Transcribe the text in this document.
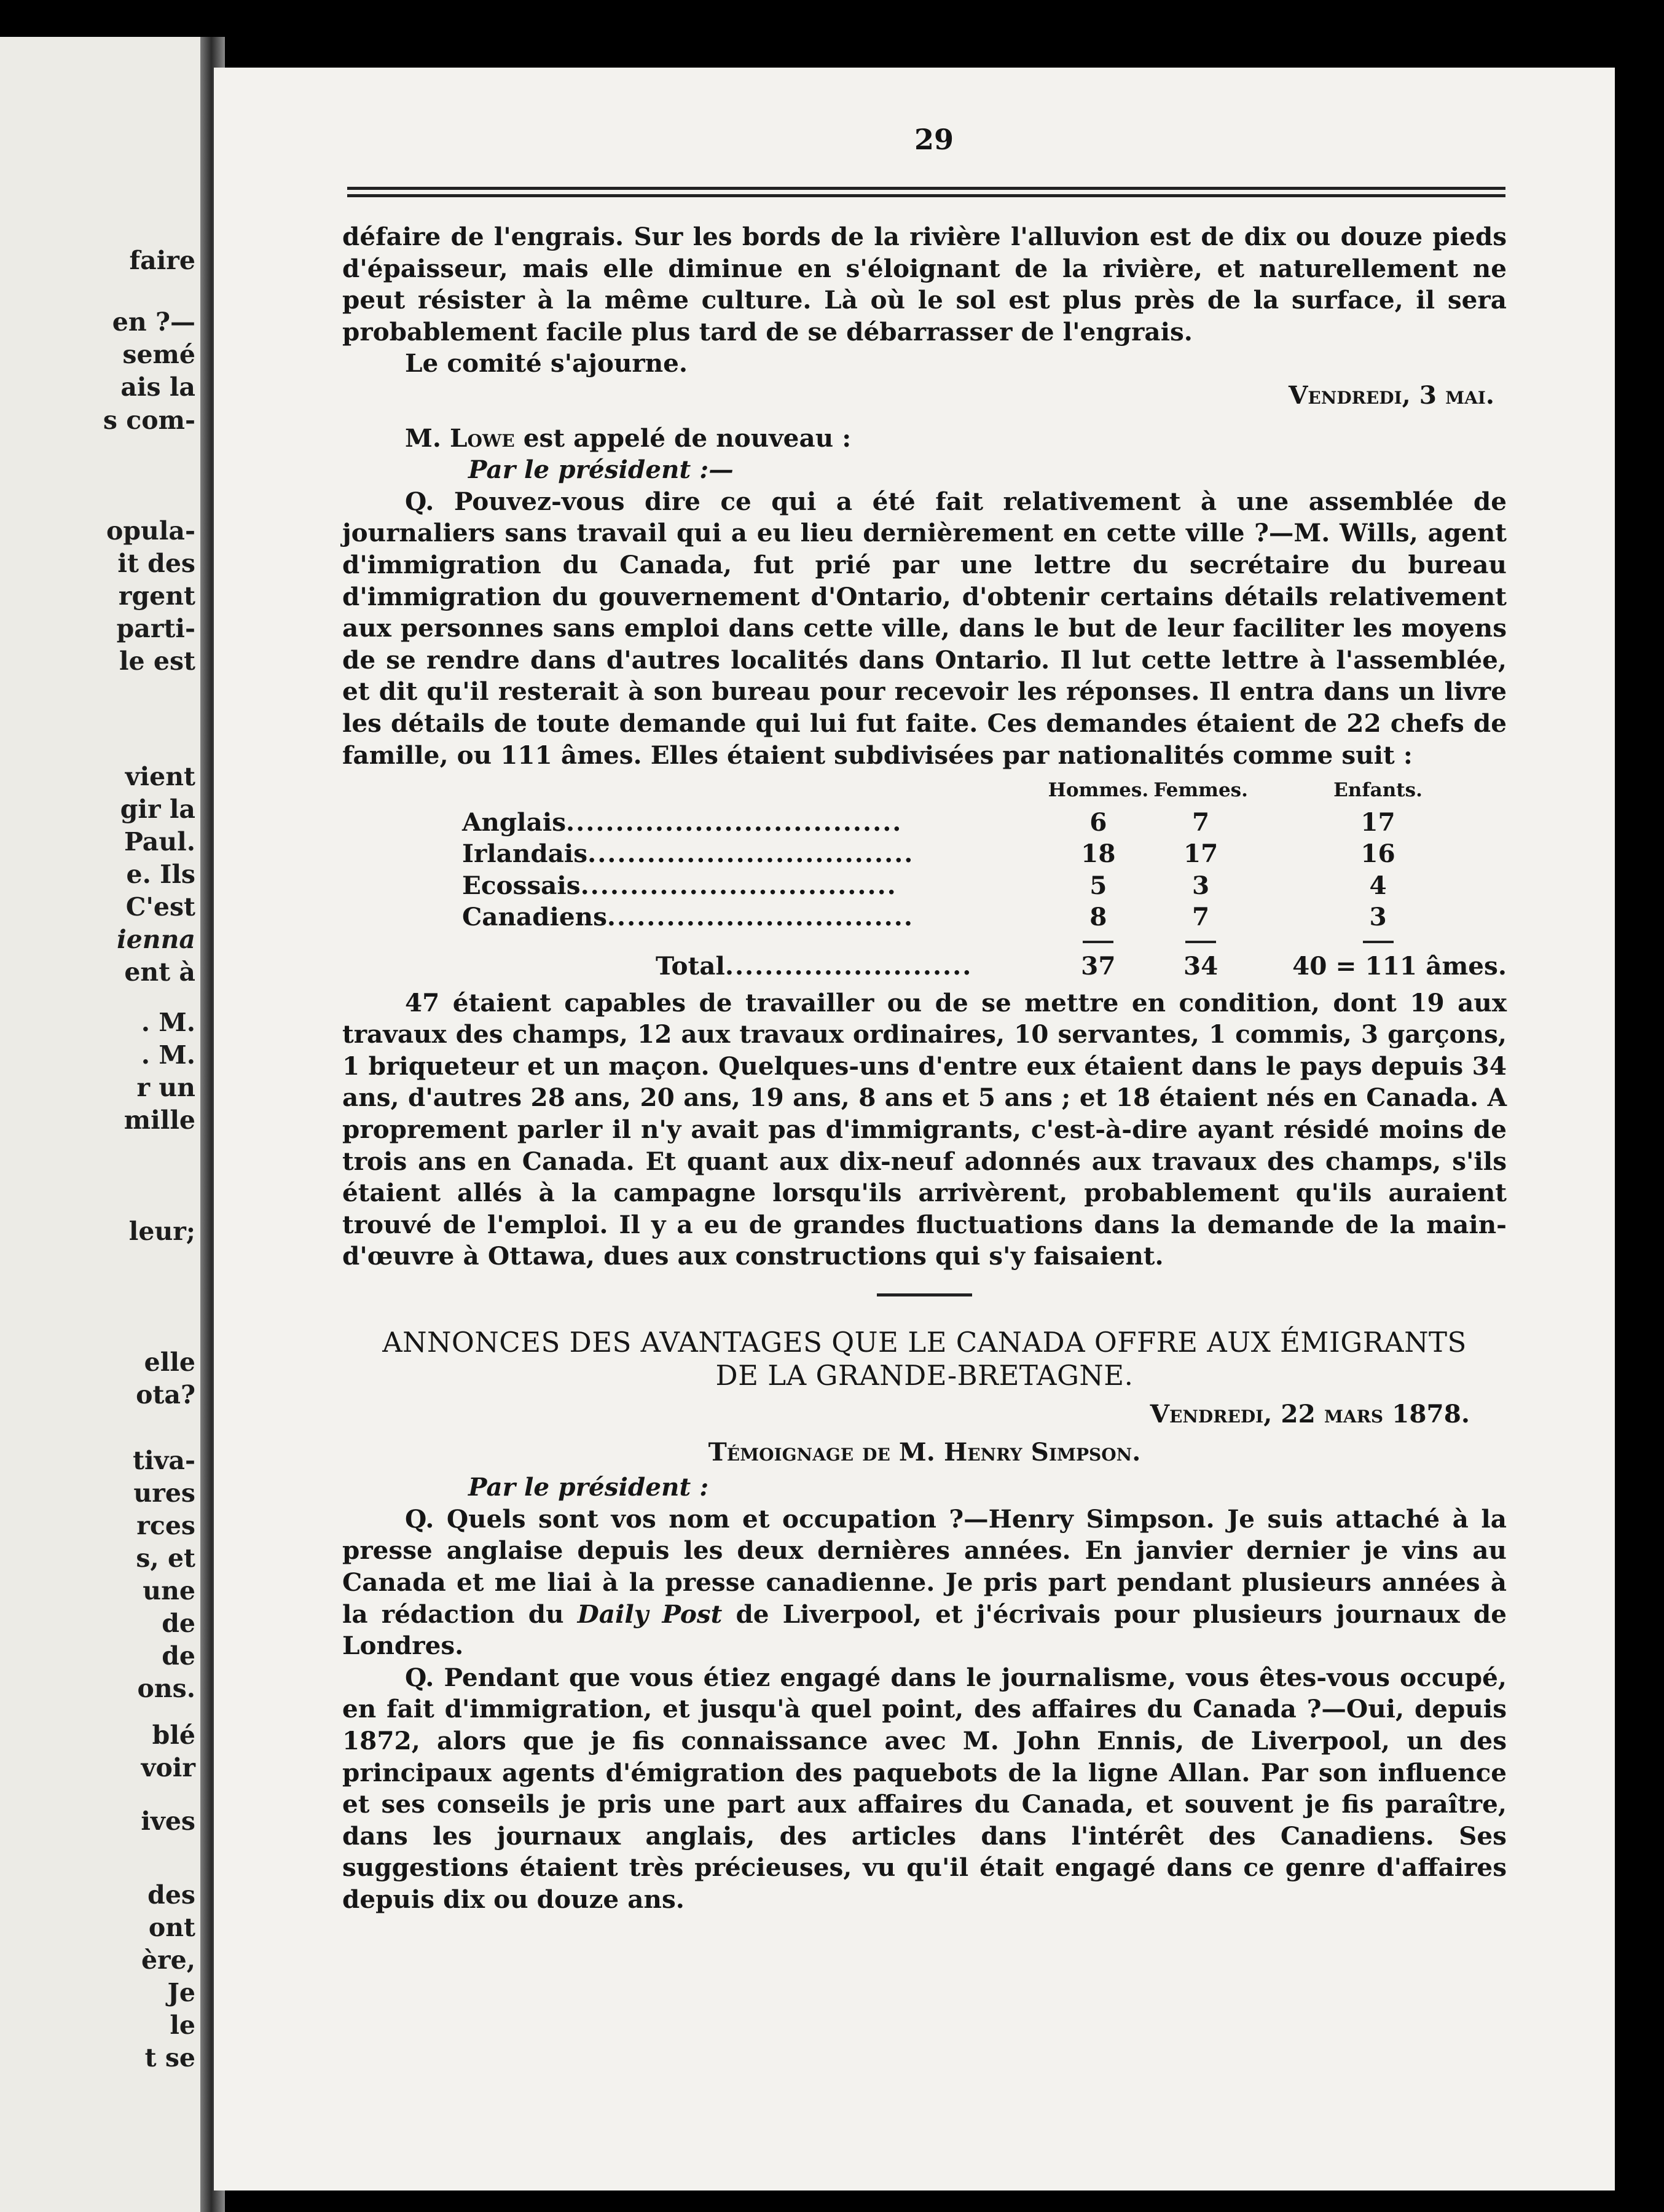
faire
en ?—
semé
ais la
s com-
opula-
it des
rgent
parti-
le est
vient
gir la
Paul.
e. Ils
C'est
ienna
ent à
. M.
. M.
r un
mille
leur;
elle
ota?
tiva-
ures
rces
s, et
une
de
de
ons.
blé
voir
ives
des
ont
ère,
Je
le
t se
29

défaire de l'engrais. Sur les bords de la rivière l'alluvion est de dix ou douze pieds d'épaisseur, mais elle diminue en s'éloignant de la rivière, et naturellement ne peut résister à la même culture. Là où le sol est plus près de la surface, il sera probablement facile plus tard de se débarrasser de l'engrais.

Le comité s'ajourne.

Vendredi, 3 mai.

M. Lowe est appelé de nouveau :

Par le président :—

Q. Pouvez-vous dire ce qui a été fait relativement à une assemblée de journaliers sans travail qui a eu lieu dernièrement en cette ville ?—M. Wills, agent d'immigration du Canada, fut prié par une lettre du secrétaire du bureau d'immigration du gouvernement d'Ontario, d'obtenir certains détails relativement aux personnes sans emploi dans cette ville, dans le but de leur faciliter les moyens de se rendre dans d'autres localités dans Ontario. Il lut cette lettre à l'assemblée, et dit qu'il resterait à son bureau pour recevoir les réponses. Il entra dans un livre les détails de toute demande qui lui fut faite. Ces demandes étaient de 22 chefs de famille, ou 111 âmes. Elles étaient subdivisées par nationalités comme suit :

	Hommes.	Femmes.	Enfants.
Anglais..................................	6	7	17
Irlandais.................................	18	17	16
Ecossais................................	5	3	4
Canadiens...............................	8	7	3

Total.........................	37	34	40 = 111 âmes.

47 étaient capables de travailler ou de se mettre en condition, dont 19 aux travaux des champs, 12 aux travaux ordinaires, 10 servantes, 1 commis, 3 garçons, 1 briqueteur et un maçon. Quelques-uns d'entre eux étaient dans le pays depuis 34 ans, d'autres 28 ans, 20 ans, 19 ans, 8 ans et 5 ans ; et 18 étaient nés en Canada. A proprement parler il n'y avait pas d'immigrants, c'est-à-dire ayant résidé moins de trois ans en Canada. Et quant aux dix-neuf adonnés aux travaux des champs, s'ils étaient allés à la campagne lorsqu'ils arrivèrent, probablement qu'ils auraient trouvé de l'emploi. Il y a eu de grandes fluctuations dans la demande de la main-d'œuvre à Ottawa, dues aux constructions qui s'y faisaient.

ANNONCES DES AVANTAGES QUE LE CANADA OFFRE AUX ÉMIGRANTS
DE LA GRANDE-BRETAGNE.

Vendredi, 22 mars 1878.

Témoignage de M. Henry Simpson.

Par le président :

Q. Quels sont vos nom et occupation ?—Henry Simpson. Je suis attaché à la presse anglaise depuis les deux dernières années. En janvier dernier je vins au Canada et me liai à la presse canadienne. Je pris part pendant plusieurs années à la rédaction du Daily Post de Liverpool, et j'écrivais pour plusieurs journaux de Londres.

Q. Pendant que vous étiez engagé dans le journalisme, vous êtes-vous occupé, en fait d'immigration, et jusqu'à quel point, des affaires du Canada ?—Oui, depuis 1872, alors que je fis connaissance avec M. John Ennis, de Liverpool, un des principaux agents d'émigration des paquebots de la ligne Allan. Par son influence et ses conseils je pris une part aux affaires du Canada, et souvent je fis paraître, dans les journaux anglais, des articles dans l'intérêt des Canadiens. Ses suggestions étaient très précieuses, vu qu'il était engagé dans ce genre d'affaires depuis dix ou douze ans.
